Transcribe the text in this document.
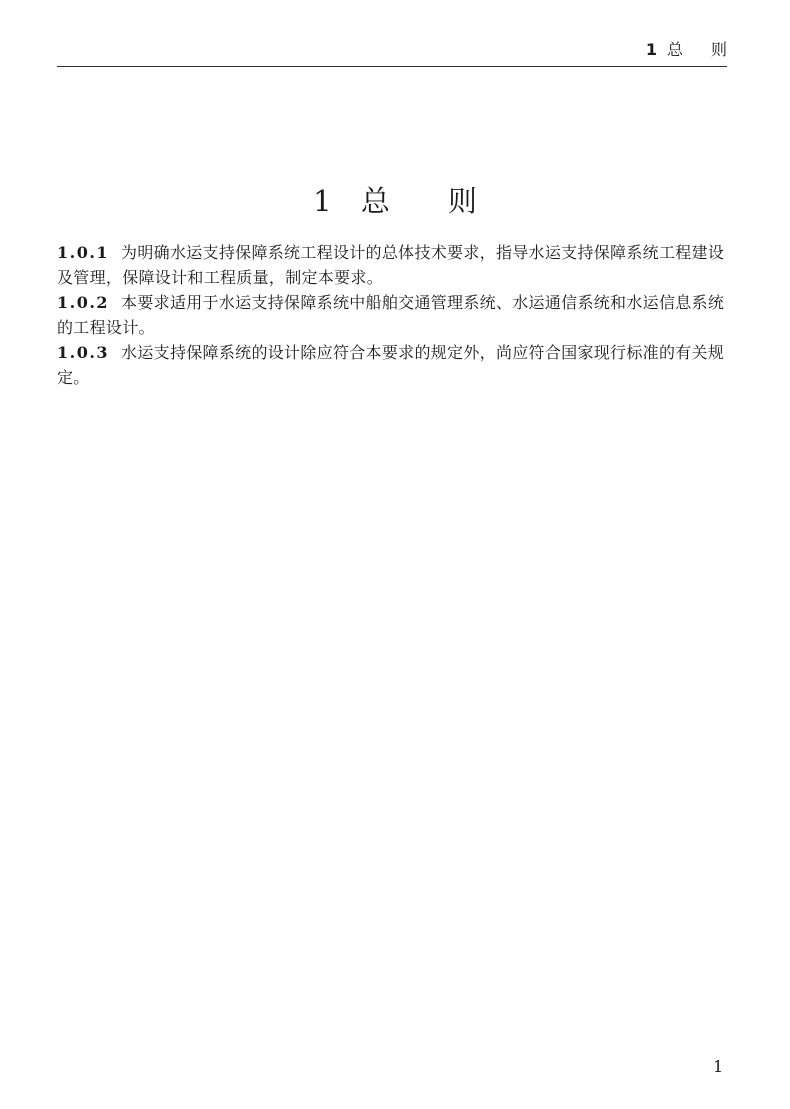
1 总则
1 总则

1.0.1 为明确水运支持保障系统工程设计的总体技术要求，指导水运支持保障系统工程建设及管理，保障设计和工程质量，制定本要求。

1.0.2 本要求适用于水运支持保障系统中船舶交通管理系统、水运通信系统和水运信息系统的工程设计。

1.0.3 水运支持保障系统的设计除应符合本要求的规定外，尚应符合国家现行标准的有关规定。

1
